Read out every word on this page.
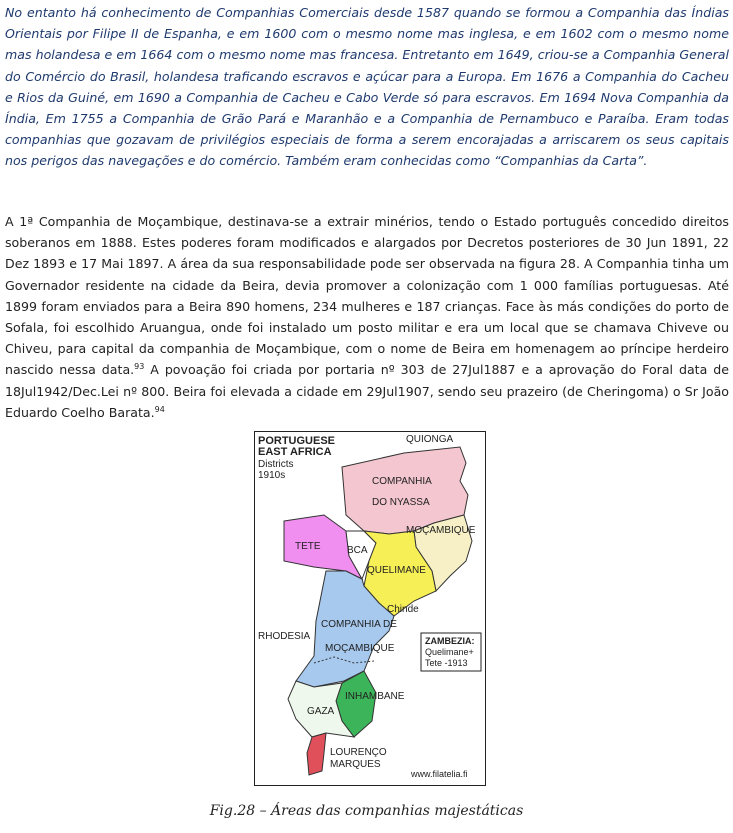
No entanto há conhecimento de Companhias Comerciais desde 1587 quando se formou a Companhia das Índias Orientais por Filipe II de Espanha, e em 1600 com o mesmo nome mas inglesa, e em 1602 com o mesmo nome mas holandesa e em 1664 com o mesmo nome mas francesa. Entretanto em 1649, criou-se a Companhia General do Comércio do Brasil, holandesa traficando escravos e açúcar para a Europa. Em 1676 a Companhia do Cacheu e Rios da Guiné, em 1690 a Companhia de Cacheu e Cabo Verde só para escravos. Em 1694 Nova Companhia da Índia, Em 1755 a Companhia de Grão Pará e Maranhão e a Companhia de Pernambuco e Paraíba. Eram todas companhias que gozavam de privilégios especiais de forma a serem encorajadas a arriscarem os seus capitais nos perigos das navegações e do comércio. Também eram conhecidas como “Companhias da Carta”.

A 1ª Companhia de Moçambique, destinava-se a extrair minérios, tendo o Estado português concedido direitos soberanos em 1888. Estes poderes foram modificados e alargados por Decretos posteriores de 30 Jun 1891, 22 Dez 1893 e 17 Mai 1897. A área da sua responsabilidade pode ser observada na figura 28. A Companhia tinha um Governador residente na cidade da Beira, devia promover a colonização com 1 000 famílias portuguesas. Até 1899 foram enviados para a Beira 890 homens, 234 mulheres e 187 crianças. Face às más condições do porto de Sofala, foi escolhido Aruangua, onde foi instalado um posto militar e era um local que se chamava Chiveve ou Chiveu, para capital da companhia de Moçambique, com o nome de Beira em homenagem ao príncipe herdeiro nascido nessa data.$^{93}$ A povoação foi criada por portaria nº 303 de 27Jul1887 e a aprovação do Foral data de 18Jul1942/Dec.Lei nº 800. Beira foi elevada a cidade em 29Jul1907, sendo seu prazeiro (de Cheringoma) o Sr João Eduardo Coelho Barata.$^{94}$

PORTUGUESE
EAST AFRICA
Districts
1910s
QUIONGA
COMPANHIA
DO NYASSA
MOÇAMBIQUE
TETE	BCA
QUELIMANE
Chinde
RHODESIA
COMPANHIA DE
MOÇAMBIQUE
INHAMBANE
GAZA
LOURENÇO
MARQUES
ZAMBEZIA:
Quelimane+
Tete -1913
www.filatelia.fi
Fig.28 – Áreas das companhias majestáticas
